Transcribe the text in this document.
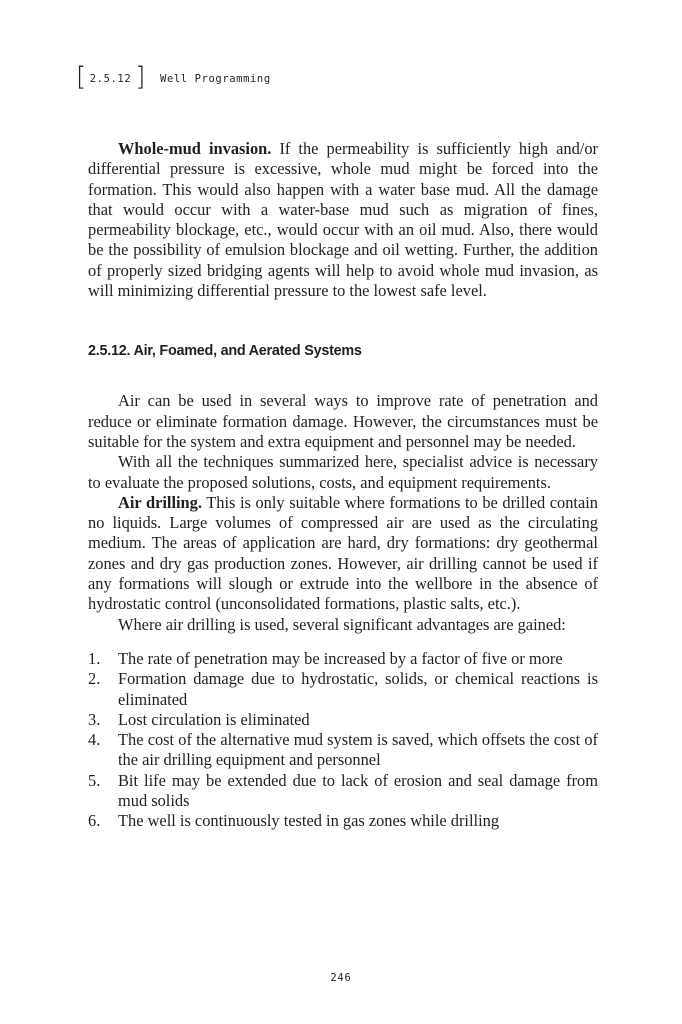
[ 2.5.12 ] Well Programming

Whole-mud invasion. If the permeability is sufficiently high and/or differential pressure is excessive, whole mud might be forced into the formation. This would also happen with a water base mud. All the damage that would occur with a water-base mud such as migration of fines, permeability blockage, etc., would occur with an oil mud. Also, there would be the possibility of emulsion blockage and oil wetting. Further, the addition of properly sized bridging agents will help to avoid whole mud invasion, as will minimizing differential pressure to the lowest safe level.

2.5.12. Air, Foamed, and Aerated Systems

Air can be used in several ways to improve rate of penetration and reduce or eliminate formation damage. However, the circumstances must be suitable for the system and extra equipment and personnel may be needed.

With all the techniques summarized here, specialist advice is necessary to evaluate the proposed solutions, costs, and equipment requirements.

Air drilling. This is only suitable where formations to be drilled contain no liquids. Large volumes of compressed air are used as the circulating medium. The areas of application are hard, dry formations: dry geothermal zones and dry gas production zones. However, air drilling cannot be used if any formations will slough or extrude into the wellbore in the absence of hydrostatic control (unconsolidated formations, plastic salts, etc.).

Where air drilling is used, several significant advantages are gained:

1.	The rate of penetration may be increased by a factor of five or more
2.	Formation damage due to hydrostatic, solids, or chemical reactions is eliminated
3.	Lost circulation is eliminated
4.	The cost of the alternative mud system is saved, which offsets the cost of the air drilling equipment and personnel
5.	Bit life may be extended due to lack of erosion and seal damage from mud solids
6.	The well is continuously tested in gas zones while drilling
246
